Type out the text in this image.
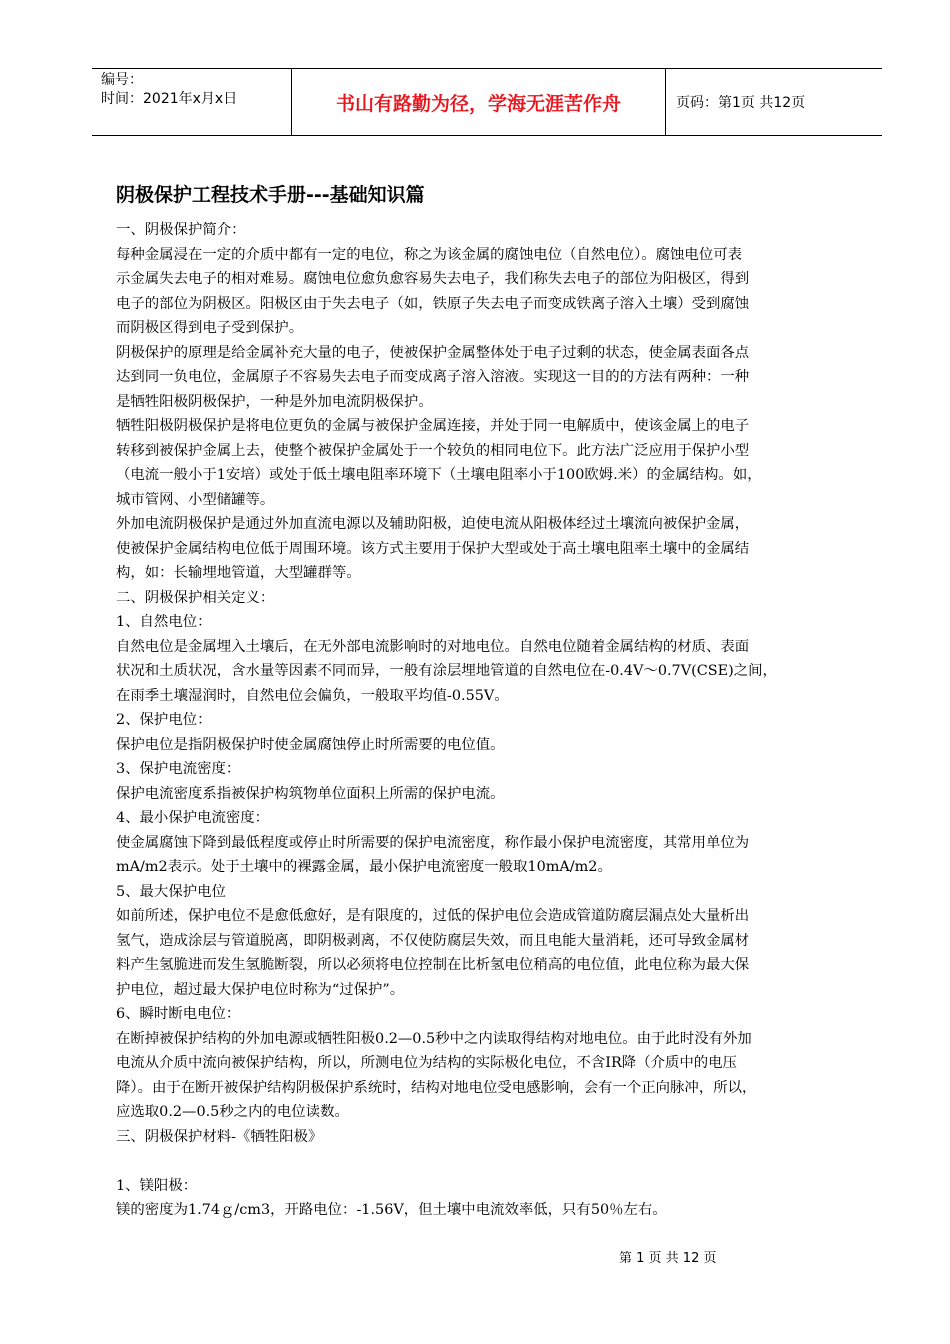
编号：
时间：2021年x月x日	书山有路勤为径，学海无涯苦作舟	页码：第1页 共12页
阴极保护工程技术手册---基础知识篇

一、阴极保护简介：

每种金属浸在一定的介质中都有一定的电位，称之为该金属的腐蚀电位（自然电位）。腐蚀电位可表

示金属失去电子的相对难易。腐蚀电位愈负愈容易失去电子，我们称失去电子的部位为阳极区，得到

电子的部位为阴极区。阳极区由于失去电子（如，铁原子失去电子而变成铁离子溶入土壤）受到腐蚀

而阴极区得到电子受到保护。

阴极保护的原理是给金属补充大量的电子，使被保护金属整体处于电子过剩的状态，使金属表面各点

达到同一负电位，金属原子不容易失去电子而变成离子溶入溶液。实现这一目的的方法有两种：一种

是牺牲阳极阴极保护，一种是外加电流阴极保护。

牺牲阳极阴极保护是将电位更负的金属与被保护金属连接，并处于同一电解质中，使该金属上的电子

转移到被保护金属上去，使整个被保护金属处于一个较负的相同电位下。此方法广泛应用于保护小型

（电流一般小于1安培）或处于低土壤电阻率环境下（土壤电阻率小于100欧姆.米）的金属结构。如，

城市管网、小型储罐等。

外加电流阴极保护是通过外加直流电源以及辅助阳极，迫使电流从阳极体经过土壤流向被保护金属，

使被保护金属结构电位低于周围环境。该方式主要用于保护大型或处于高土壤电阻率土壤中的金属结

构，如：长输埋地管道，大型罐群等。

二、阴极保护相关定义：

1、自然电位：

自然电位是金属埋入土壤后，在无外部电流影响时的对地电位。自然电位随着金属结构的材质、表面

状况和土质状况，含水量等因素不同而异，一般有涂层埋地管道的自然电位在-0.4V～0.7V(CSE)之间，

在雨季土壤湿润时，自然电位会偏负，一般取平均值-0.55V。

2、保护电位：

保护电位是指阴极保护时使金属腐蚀停止时所需要的电位值。

3、保护电流密度：

保护电流密度系指被保护构筑物单位面积上所需的保护电流。

4、最小保护电流密度：

使金属腐蚀下降到最低程度或停止时所需要的保护电流密度，称作最小保护电流密度，其常用单位为

mA/m2表示。处于土壤中的裸露金属，最小保护电流密度一般取10mA/m2。

5、最大保护电位

如前所述，保护电位不是愈低愈好，是有限度的，过低的保护电位会造成管道防腐层漏点处大量析出

氢气，造成涂层与管道脱离，即阴极剥离，不仅使防腐层失效，而且电能大量消耗，还可导致金属材

料产生氢脆进而发生氢脆断裂，所以必须将电位控制在比析氢电位稍高的电位值，此电位称为最大保

护电位，超过最大保护电位时称为“过保护”。

6、瞬时断电电位：

在断掉被保护结构的外加电源或牺牲阳极0.2—0.5秒中之内读取得结构对地电位。由于此时没有外加

电流从介质中流向被保护结构，所以，所测电位为结构的实际极化电位，不含IR降（介质中的电压

降）。由于在断开被保护结构阴极保护系统时，结构对地电位受电感影响，会有一个正向脉冲，所以，

应选取0.2—0.5秒之内的电位读数。

三、阴极保护材料-《牺牲阳极》

1、镁阳极：

镁的密度为1.74ｇ/cm3，开路电位：-1.56V，但土壤中电流效率低，只有50％左右。

第 1 页 共 12 页
